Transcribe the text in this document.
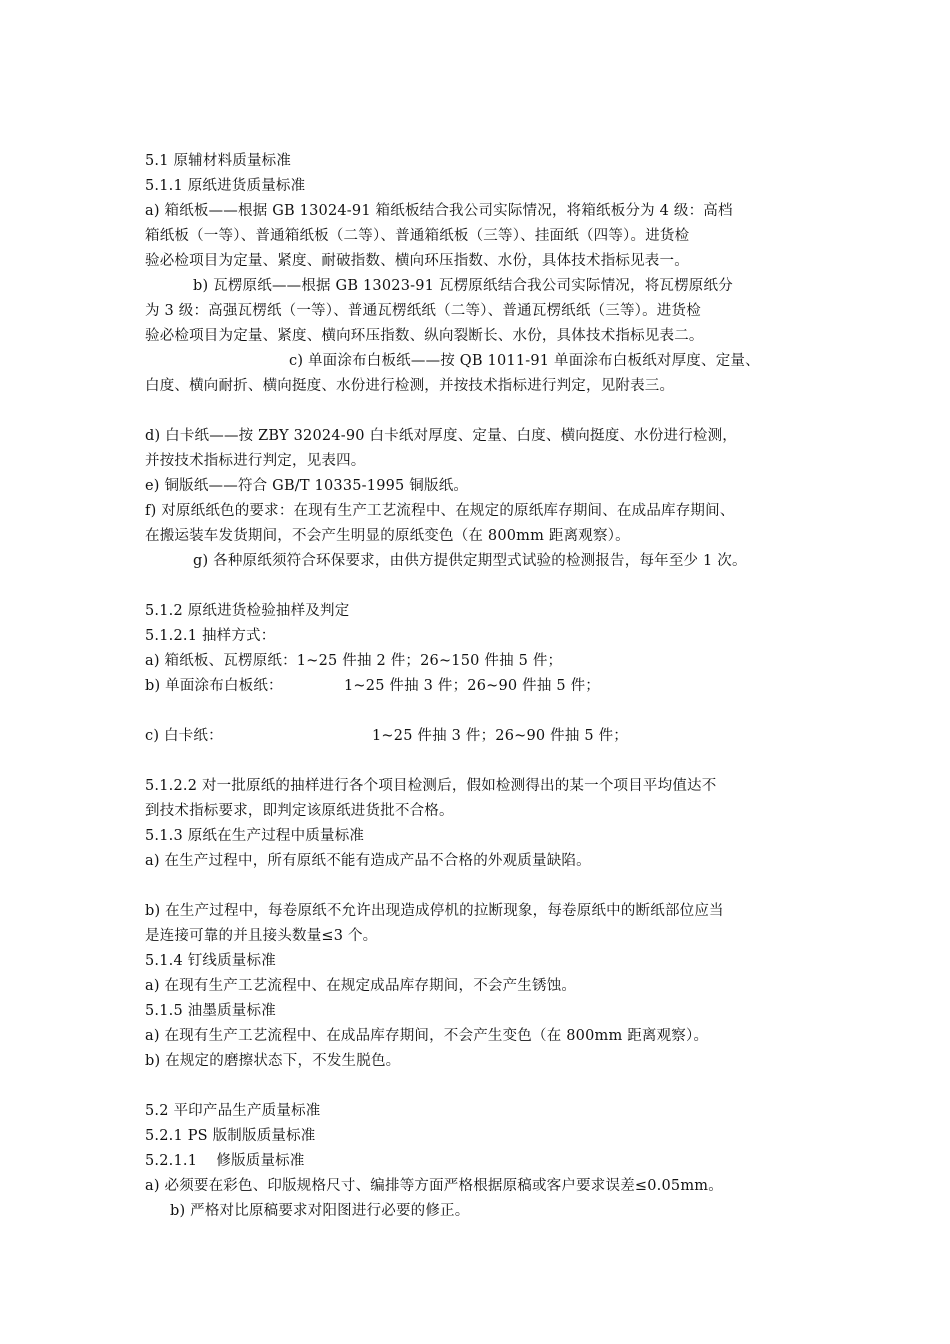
5.1 原辅材料质量标准
5.1.1 原纸进货质量标准
a) 箱纸板——根据 GB 13024-91 箱纸板结合我公司实际情况，将箱纸板分为 4 级：高档
箱纸板（一等）、普通箱纸板（二等）、普通箱纸板（三等）、挂面纸（四等）。进货检
验必检项目为定量、紧度、耐破指数、横向环压指数、水份，具体技术指标见表一。
b) 瓦楞原纸——根据 GB 13023-91 瓦楞原纸结合我公司实际情况，将瓦楞原纸分
为 3 级：高强瓦楞纸（一等）、普通瓦楞纸纸（二等）、普通瓦楞纸纸（三等）。进货检
验必检项目为定量、紧度、横向环压指数、纵向裂断长、水份，具体技术指标见表二。
c) 单面涂布白板纸——按 QB 1011-91 单面涂布白板纸对厚度、定量、
白度、横向耐折、横向挺度、水份进行检测，并按技术指标进行判定，见附表三。
d) 白卡纸——按 ZBY 32024-90 白卡纸对厚度、定量、白度、横向挺度、水份进行检测，
并按技术指标进行判定，见表四。
e) 铜版纸——符合 GB/T 10335-1995 铜版纸。
f) 对原纸纸色的要求：在现有生产工艺流程中、在规定的原纸库存期间、在成品库存期间、
在搬运装车发货期间，不会产生明显的原纸变色（在 800mm 距离观察）。
g) 各种原纸须符合环保要求，由供方提供定期型式试验的检测报告，每年至少 1 次。
5.1.2 原纸进货检验抽样及判定
5.1.2.1 抽样方式：
a) 箱纸板、瓦楞原纸：1~25 件抽 2 件；26~150 件抽 5 件；
b) 单面涂布白板纸：	1~25 件抽 3 件；26~90 件抽 5 件；
c) 白卡纸：	1~25 件抽 3 件；26~90 件抽 5 件；
5.1.2.2 对一批原纸的抽样进行各个项目检测后，假如检测得出的某一个项目平均值达不
到技术指标要求，即判定该原纸进货批不合格。
5.1.3 原纸在生产过程中质量标准
a) 在生产过程中，所有原纸不能有造成产品不合格的外观质量缺陷。
b) 在生产过程中，每卷原纸不允许出现造成停机的拉断现象，每卷原纸中的断纸部位应当
是连接可靠的并且接头数量≤3 个。
5.1.4 钉线质量标准
a) 在现有生产工艺流程中、在规定成品库存期间，不会产生锈蚀。
5.1.5 油墨质量标准
a) 在现有生产工艺流程中、在成品库存期间，不会产生变色（在 800mm 距离观察）。
b) 在规定的磨擦状态下，不发生脱色。
5.2 平印产品生产质量标准
5.2.1 PS 版制版质量标准
5.2.1.1    修版质量标准
a) 必须要在彩色、印版规格尺寸、编排等方面严格根据原稿或客户要求误差≤0.05mm。
b) 严格对比原稿要求对阳图进行必要的修正。
